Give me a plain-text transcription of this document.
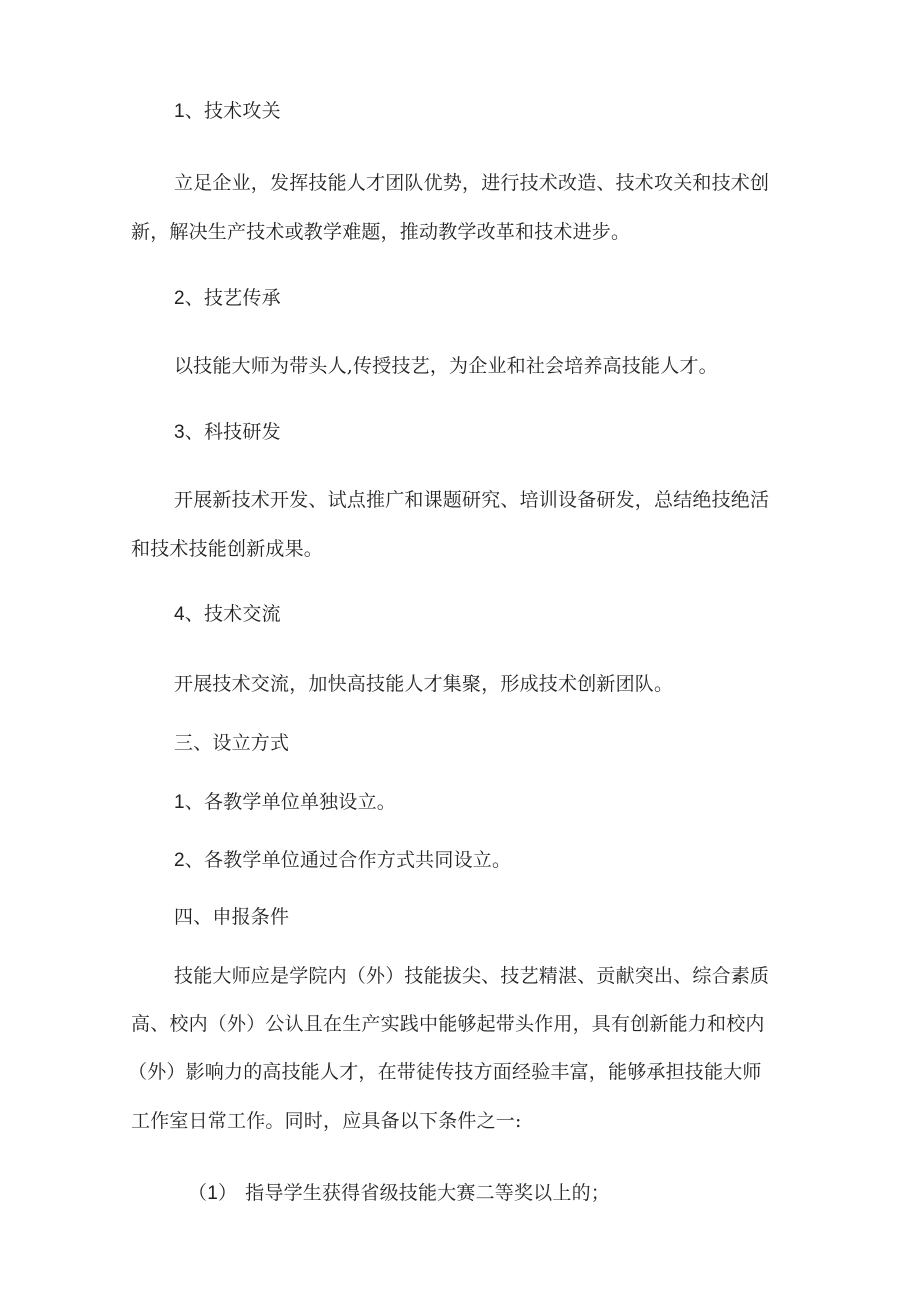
1、技术攻关
立足企业，发挥技能人才团队优势，进行技术改造、技术攻关和技术创
新，解决生产技术或教学难题，推动教学改革和技术进步。
2、技艺传承
以技能大师为带头人,传授技艺，为企业和社会培养高技能人才。
3、科技研发
开展新技术开发、试点推广和课题研究、培训设备研发，总结绝技绝活
和技术技能创新成果。
4、技术交流
开展技术交流，加快高技能人才集聚，形成技术创新团队。
三、设立方式
1、各教学单位单独设立。
2、各教学单位通过合作方式共同设立。
四、申报条件
技能大师应是学院内（外）技能拔尖、技艺精湛、贡献突出、综合素质
高、校内（外）公认且在生产实践中能够起带头作用，具有创新能力和校内
（外）影响力的高技能人才，在带徒传技方面经验丰富，能够承担技能大师
工作室日常工作。同时，应具备以下条件之一:
（1） 指导学生获得省级技能大赛二等奖以上的；
